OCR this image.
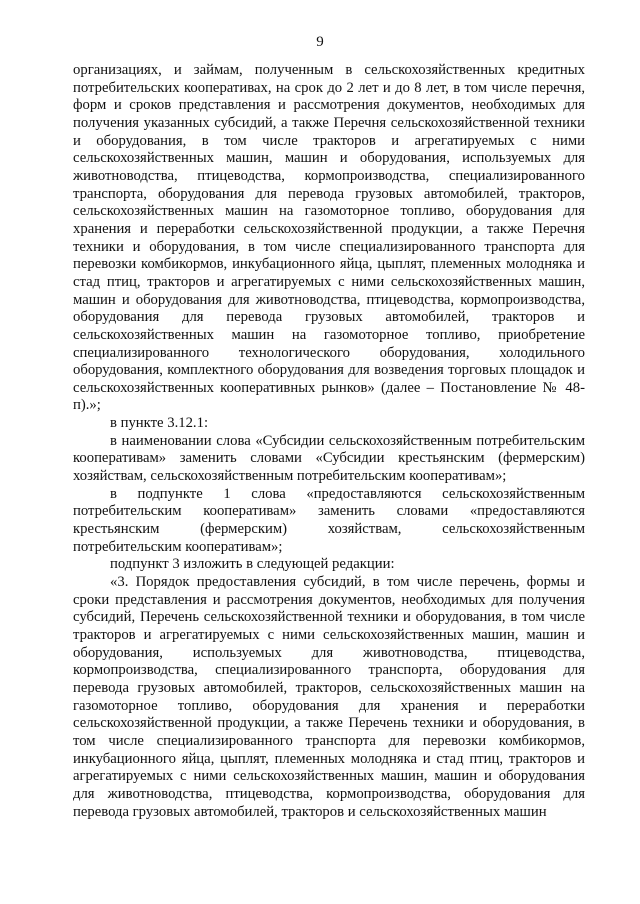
9

организациях, и займам, полученным в сельскохозяйственных кредитных потребительских кооперативах, на срок до 2 лет и до 8 лет, в том числе перечня, форм и сроков представления и рассмотрения документов, необходимых для получения указанных субсидий, а также Перечня сельскохозяйственной техники и оборудования, в том числе тракторов и агрегатируемых с ними сельскохозяйственных машин, машин и оборудования, используемых для животноводства, птицеводства, кормопроизводства, специализированного транспорта, оборудования для перевода грузовых автомобилей, тракторов, сельскохозяйственных машин на газомоторное топливо, оборудования для хранения и переработки сельскохозяйственной продукции, а также Перечня техники и оборудования, в том числе специализированного транспорта для перевозки комбикормов, инкубационного яйца, цыплят, племенных молодняка и стад птиц, тракторов и агрегатируемых с ними сельскохозяйственных машин, машин и оборудования для животноводства, птицеводства, кормопроизводства, оборудования для перевода грузовых автомобилей, тракторов и сельскохозяйственных машин на газомоторное топливо, приобретение специализированного технологического оборудования, холодильного оборудования, комплектного оборудования для возведения торговых площадок и сельскохозяйственных кооперативных рынков» (далее – Постановление № 48-п).»;

в пункте 3.12.1:

в наименовании слова «Субсидии сельскохозяйственным потребительским кооперативам» заменить словами «Субсидии крестьянским (фермерским) хозяйствам, сельскохозяйственным потребительским кооперативам»;

в подпункте 1 слова «предоставляются сельскохозяйственным потребительским кооперативам» заменить словами «предоставляются крестьянским (фермерским) хозяйствам, сельскохозяйственным потребительским кооперативам»;

подпункт 3 изложить в следующей редакции:

«3. Порядок предоставления субсидий, в том числе перечень, формы и сроки представления и рассмотрения документов, необходимых для получения субсидий, Перечень сельскохозяйственной техники и оборудования, в том числе тракторов и агрегатируемых с ними сельскохозяйственных машин, машин и оборудования, используемых для животноводства, птицеводства, кормопроизводства, специализированного транспорта, оборудования для перевода грузовых автомобилей, тракторов, сельскохозяйственных машин на газомоторное топливо, оборудования для хранения и переработки сельскохозяйственной продукции, а также Перечень техники и оборудования, в том числе специализированного транспорта для перевозки комбикормов, инкубационного яйца, цыплят, племенных молодняка и стад птиц, тракторов и агрегатируемых с ними сельскохозяйственных машин, машин и оборудования для животноводства, птицеводства, кормопроизводства, оборудования для перевода грузовых автомобилей, тракторов и сельскохозяйственных машин
